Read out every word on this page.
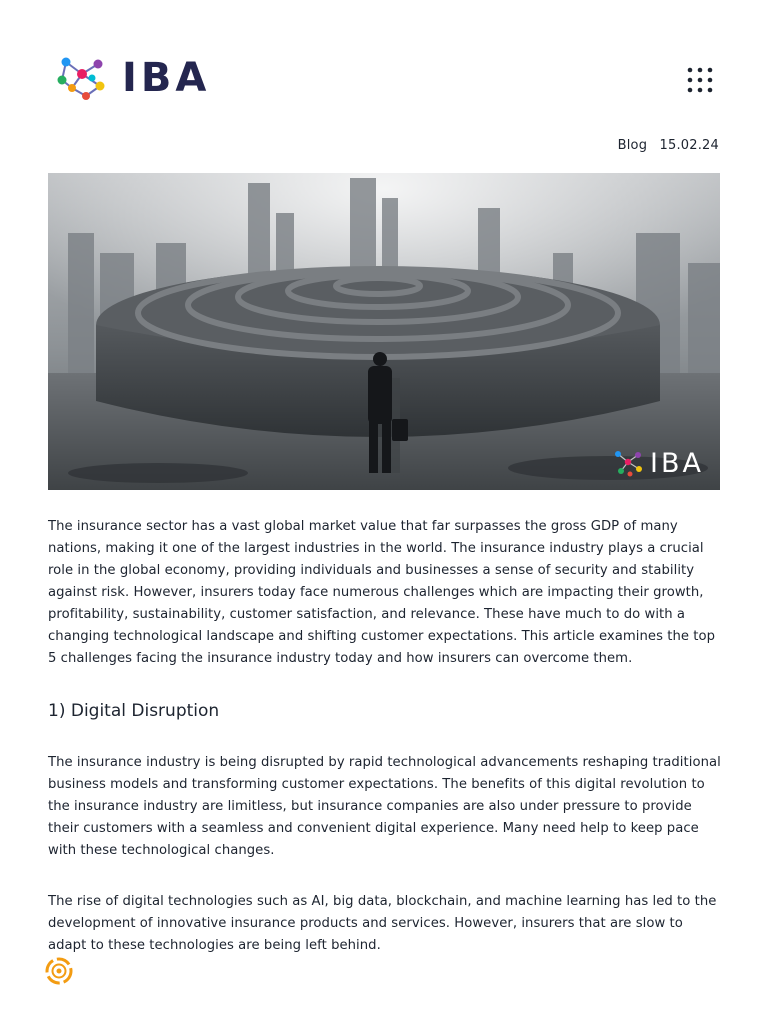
IBA
Blog 15.02.24
IBA

The insurance sector has a vast global market value that far surpasses the gross GDP of many nations, making it one of the largest industries in the world. The insurance industry plays a crucial role in the global economy, providing individuals and businesses a sense of security and stability against risk. However, insurers today face numerous challenges which are impacting their growth, profitability, sustainability, customer satisfaction, and relevance. These have much to do with a changing technological landscape and shifting customer expectations. This article examines the top 5 challenges facing the insurance industry today and how insurers can overcome them.

1) Digital Disruption

The insurance industry is being disrupted by rapid technological advancements reshaping traditional business models and transforming customer expectations. The benefits of this digital revolution to the insurance industry are limitless, but insurance companies are also under pressure to provide their customers with a seamless and convenient digital experience. Many need help to keep pace with these technological changes.

The rise of digital technologies such as AI, big data, blockchain, and machine learning has led to the development of innovative insurance products and services. However, insurers that are slow to adapt to these technologies are being left behind.
